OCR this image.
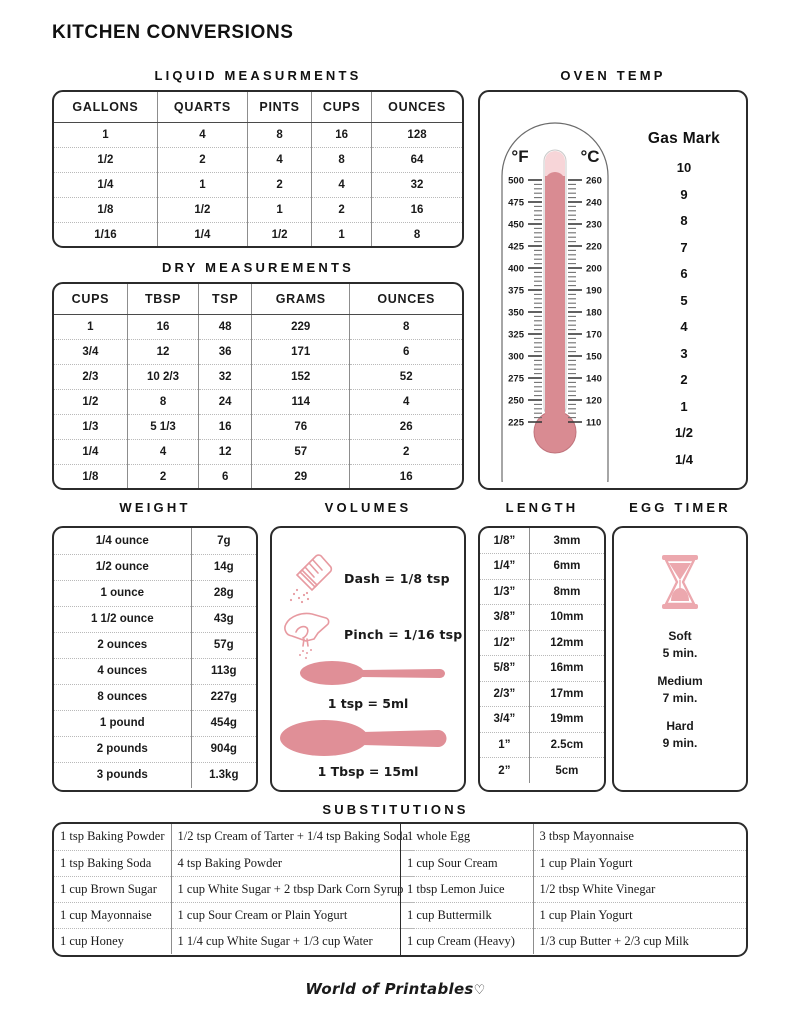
KITCHEN CONVERSIONS
LIQUID MEASURMENTS
GALLONS	QUARTS	PINTS	CUPS	OUNCES
1	4	8	16	128
1/2	2	4	8	64
1/4	1	2	4	32
1/8	1/2	1	2	16
1/16	1/4	1/2	1	8
DRY MEASUREMENTS
CUPS	TBSP	TSP	GRAMS	OUNCES
1	16	48	229	8
3/4	12	36	171	6
2/3	10 2/3	32	152	52
1/2	8	24	114	4
1/3	5 1/3	16	76	26
1/4	4	12	57	2
1/8	2	6	29	16
OVEN TEMP
°F
500
475
450
425
400
375
350
325
300
275
250
225
°C
260
240
230
220
200
190
180
170
150
140
120
110
Gas Mark
10
9
8
7
6
5
4
3
2
1
1/2
1/4
WEIGHT
1/4 ounce	7g
1/2 ounce	14g
1 ounce	28g
1 1/2 ounce	43g
2 ounces	57g
4 ounces	113g
8 ounces	227g
1 pound	454g
2 pounds	904g
3 pounds	1.3kg
VOLUMES
Dash = 1/8 tsp
Pinch = 1/16 tsp
1 tsp = 5ml
1 Tbsp = 15ml
LENGTH
1/8”	3mm
1/4”	6mm
1/3”	8mm
3/8”	10mm
1/2”	12mm
5/8”	16mm
2/3”	17mm
3/4”	19mm
1”	2.5cm
2”	5cm
EGG TIMER
Soft
5 min.
Medium
7 min.
Hard
9 min.
SUBSTITUTIONS
1 tsp Baking Powder	1/2 tsp Cream of Tarter + 1/4 tsp Baking Soda
1 tsp Baking Soda	4 tsp Baking Powder
1 cup Brown Sugar	1 cup White Sugar + 2 tbsp Dark Corn Syrup
1 cup Mayonnaise	1 cup Sour Cream or Plain Yogurt
1 cup Honey	1 1/4 cup White Sugar + 1/3 cup Water
1 whole Egg	3 tbsp Mayonnaise
1 cup Sour Cream	1 cup Plain Yogurt
1 tbsp Lemon Juice	1/2 tbsp White Vinegar
1 cup Buttermilk	1 cup Plain Yogurt
1 cup Cream (Heavy)	1/3 cup Butter + 2/3 cup Milk
World of Printables♡
